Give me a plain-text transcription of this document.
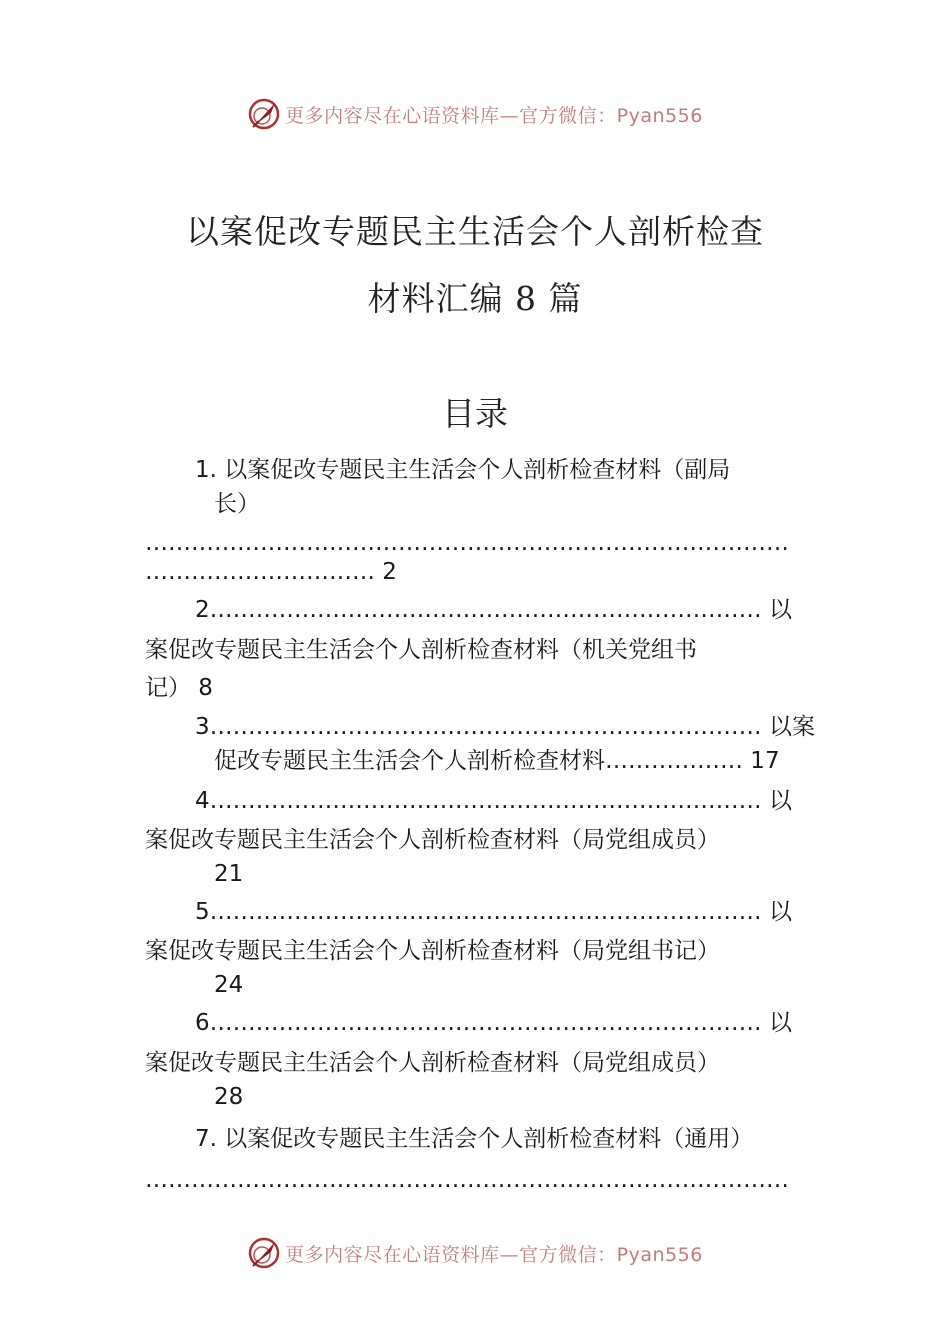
更多内容尽在心语资料库—官方微信：Pyan556
以案促改专题民主生活会个人剖析检查
材料汇编 8 篇
目录
1. 以案促改专题民主生活会个人剖析检查材料（副局
长）
…………………………………………………………………………
………………………… 2
2……………………………………………………………… 以
案促改专题民主生活会个人剖析检查材料（机关党组书
记） 8
3……………………………………………………………… 以案
促改专题民主生活会个人剖析检查材料……………… 17
4……………………………………………………………… 以
案促改专题民主生活会个人剖析检查材料（局党组成员）
21
5……………………………………………………………… 以
案促改专题民主生活会个人剖析检查材料（局党组书记）
24
6……………………………………………………………… 以
案促改专题民主生活会个人剖析检查材料（局党组成员）
28
7. 以案促改专题民主生活会个人剖析检查材料（通用）
…………………………………………………………………………
更多内容尽在心语资料库—官方微信：Pyan556
